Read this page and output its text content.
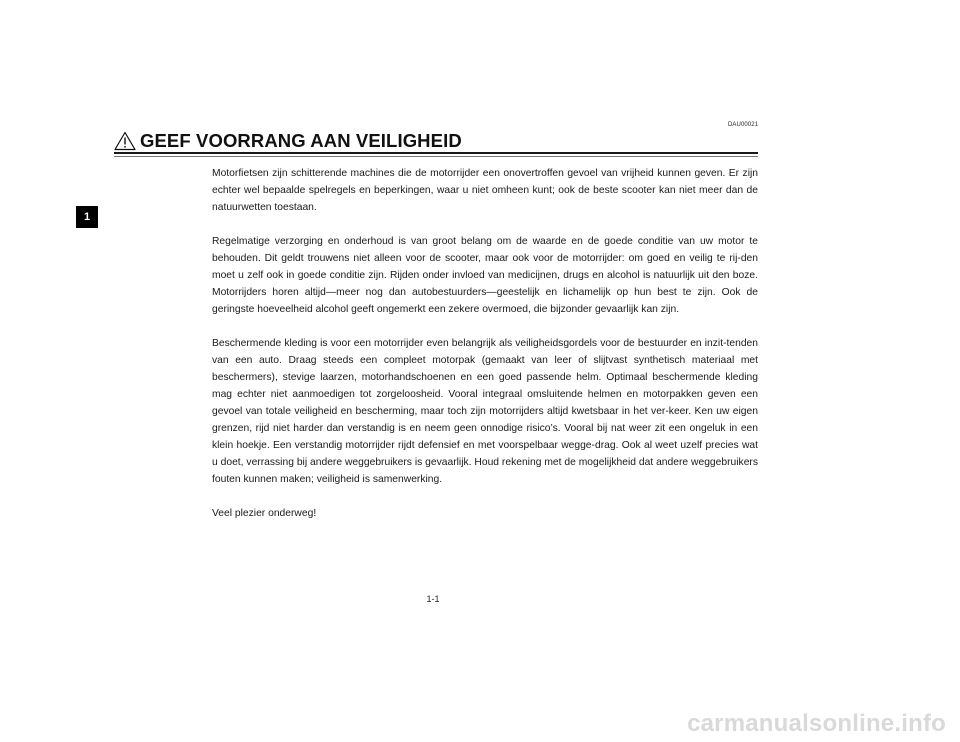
DAU00021
GEEF VOORRANG AAN VEILIGHEID
1

Motorfietsen zijn schitterende machines die de motorrijder een onovertroffen gevoel van vrijheid kunnen geven. Er zijn echter wel bepaalde spelregels en beperkingen, waar u niet omheen kunt; ook de beste scooter kan niet meer dan de natuurwetten toestaan.

Regelmatige verzorging en onderhoud is van groot belang om de waarde en de goede conditie van uw motor te behouden. Dit geldt trouwens niet alleen voor de scooter, maar ook voor de motorrijder: om goed en veilig te rij-den moet u zelf ook in goede conditie zijn. Rijden onder invloed van medicijnen, drugs en alcohol is natuurlijk uit den boze. Motorrijders horen altijd—meer nog dan autobestuurders—geestelijk en lichamelijk op hun best te zijn. Ook de geringste hoeveelheid alcohol geeft ongemerkt een zekere overmoed, die bijzonder gevaarlijk kan zijn.

Beschermende kleding is voor een motorrijder even belangrijk als veiligheidsgordels voor de bestuurder en inzit-tenden van een auto. Draag steeds een compleet motorpak (gemaakt van leer of slijtvast synthetisch materiaal met beschermers), stevige laarzen, motorhandschoenen en een goed passende helm. Optimaal beschermende kleding mag echter niet aanmoedigen tot zorgeloosheid. Vooral integraal omsluitende helmen en motorpakken geven een gevoel van totale veiligheid en bescherming, maar toch zijn motorrijders altijd kwetsbaar in het ver-keer. Ken uw eigen grenzen, rijd niet harder dan verstandig is en neem geen onnodige risico’s. Vooral bij nat weer zit een ongeluk in een klein hoekje. Een verstandig motorrijder rijdt defensief en met voorspelbaar wegge-drag. Ook al weet uzelf precies wat u doet, verrassing bij andere weggebruikers is gevaarlijk. Houd rekening met de mogelijkheid dat andere weggebruikers fouten kunnen maken; veiligheid is samenwerking.

Veel plezier onderweg!

1-1
carmanualsonline.info
